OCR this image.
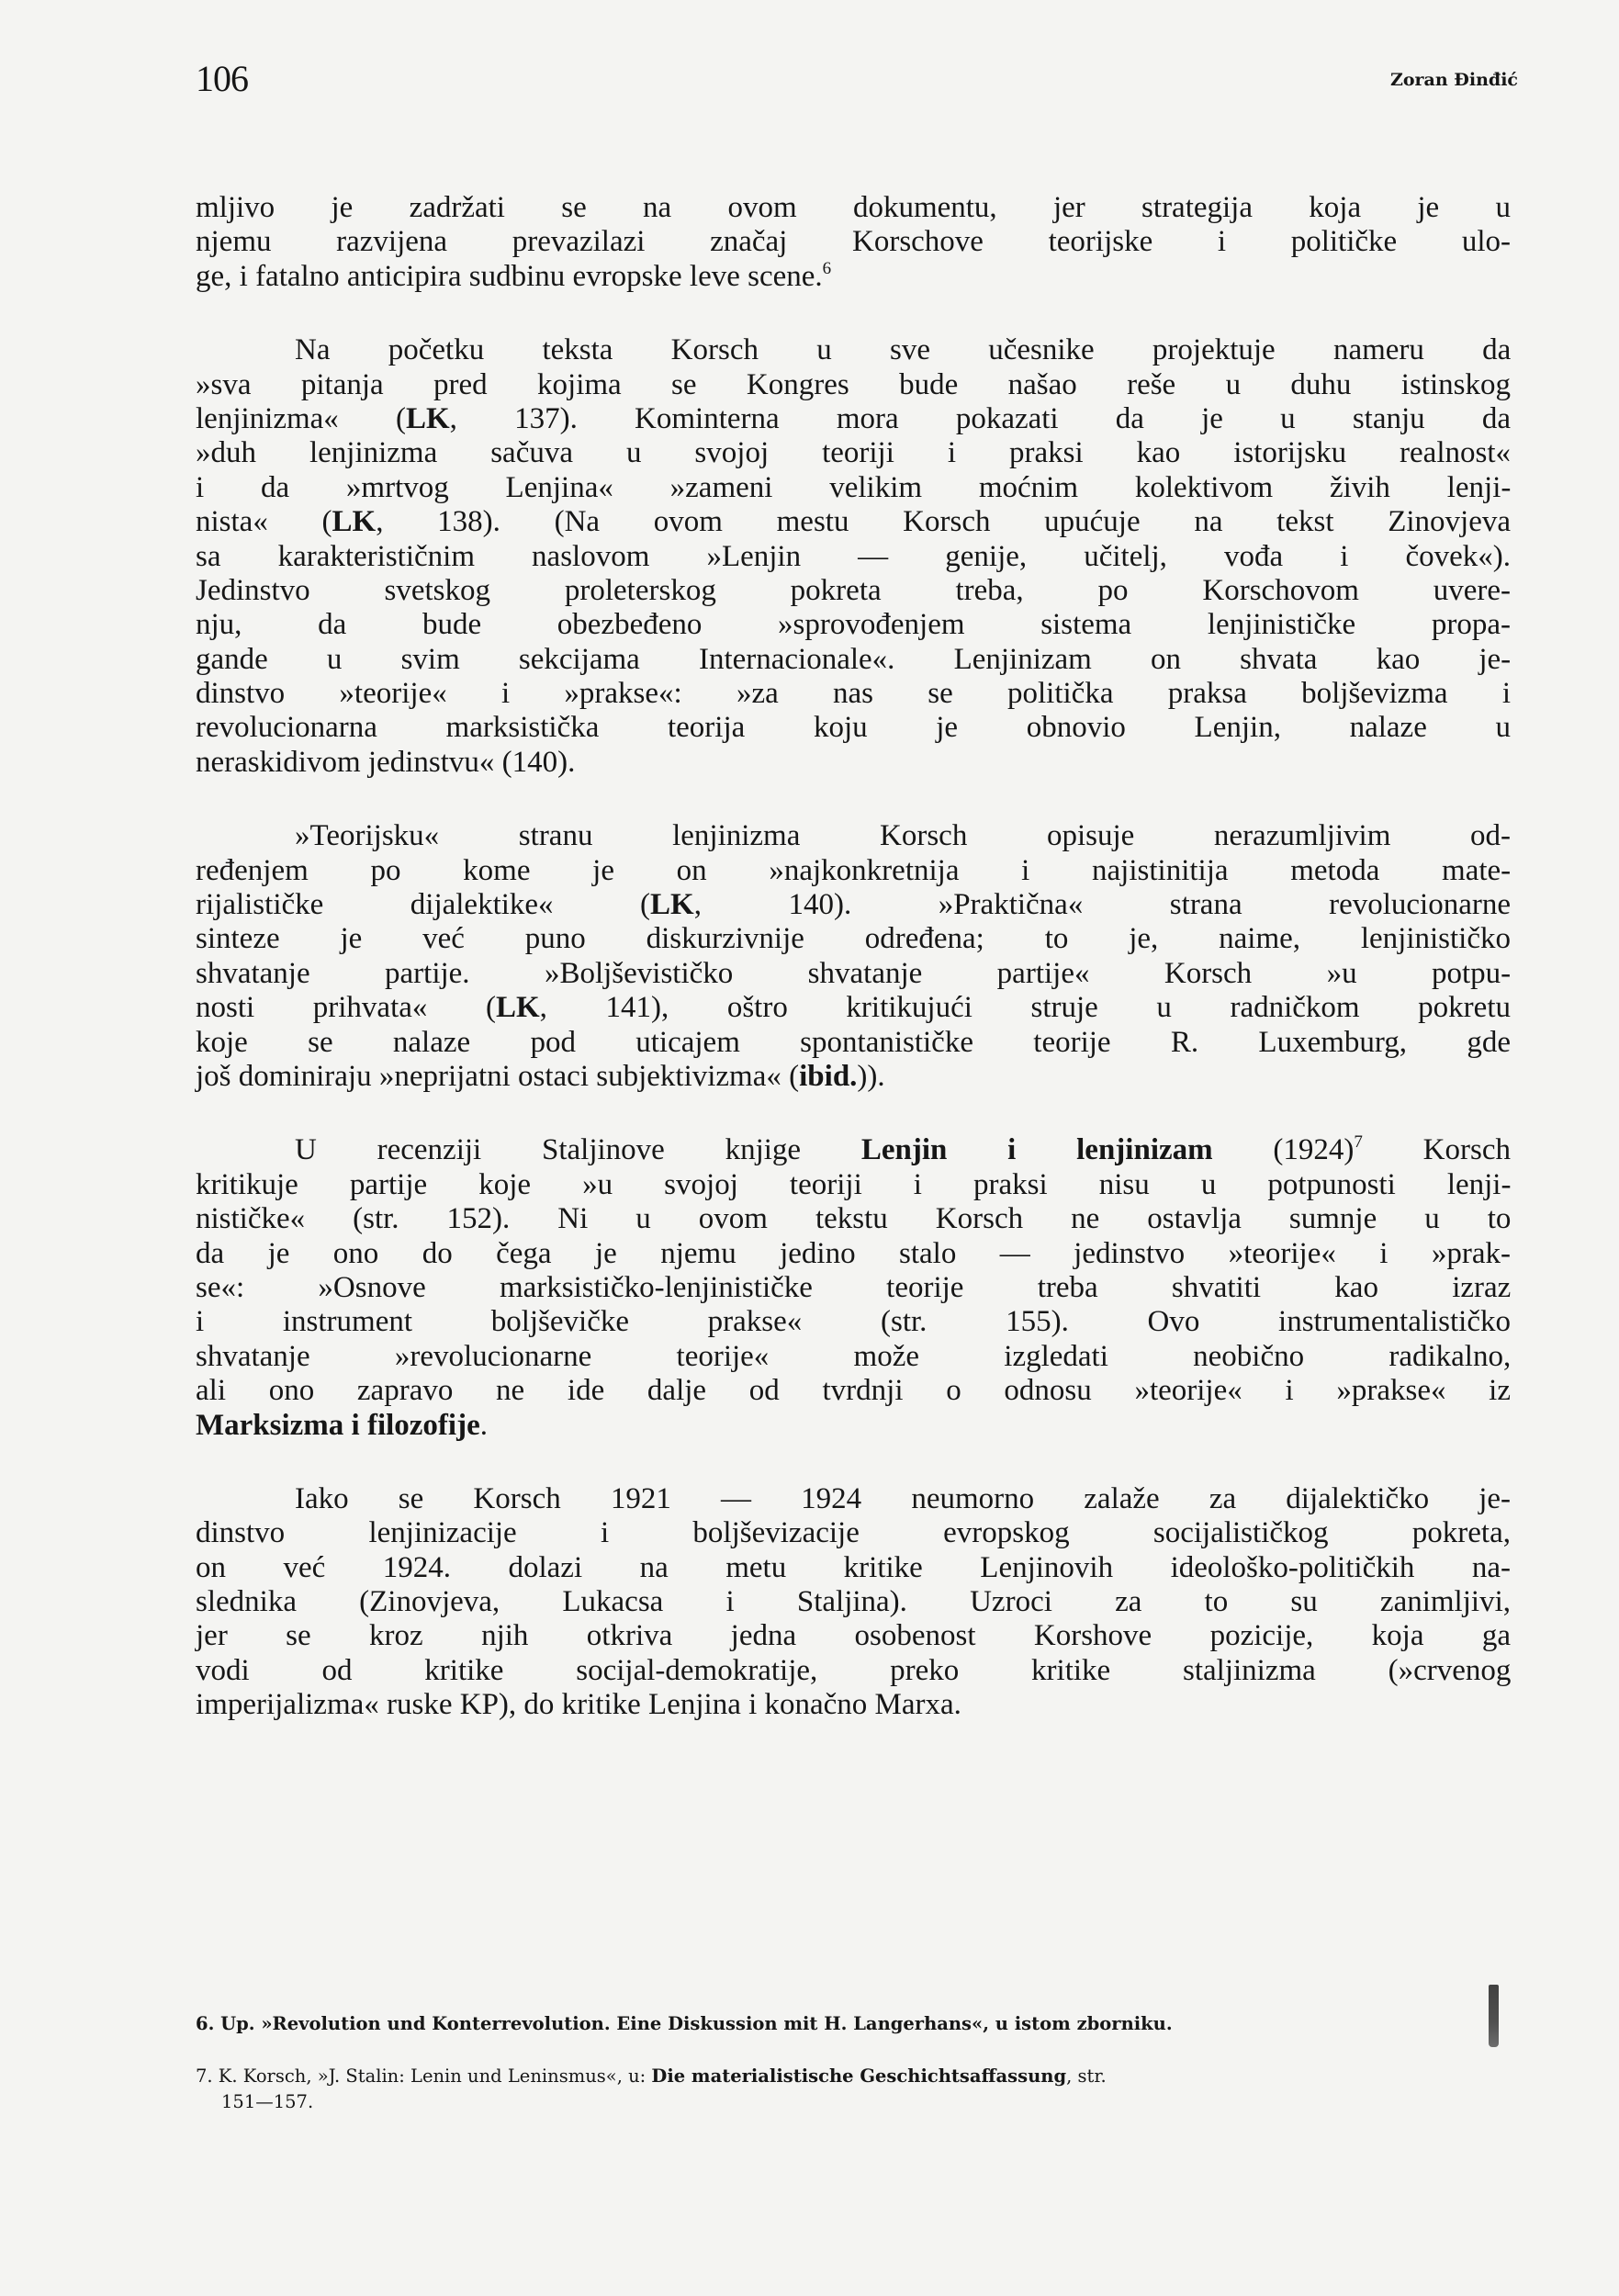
106	Zoran Đinđić
mljivo je zadržati se na ovom dokumentu, jer strategija koja je u
njemu razvijena prevazilazi značaj Korschove teorijske i političke ulo-
ge, i fatalno anticipira sudbinu evropske leve scene.$^6$
Na početku teksta Korsch u sve učesnike projektuje nameru da
»sva pitanja pred kojima se Kongres bude našao reše u duhu istinskog
lenjinizma« (LK, 137). Kominterna mora pokazati da je u stanju da
»duh lenjinizma sačuva u svojoj teoriji i praksi kao istorijsku realnost«
i da »mrtvog Lenjina« »zameni velikim moćnim kolektivom živih lenji-
nista« (LK, 138). (Na ovom mestu Korsch upućuje na tekst Zinovjeva
sa karakterističnim naslovom »Lenjin — genije, učitelj, vođa i čovek«).
Jedinstvo svetskog proleterskog pokreta treba, po Korschovom uvere-
nju, da bude obezbeđeno »sprovođenjem sistema lenjinističke propa-
gande u svim sekcijama Internacionale«. Lenjinizam on shvata kao je-
dinstvo »teorije« i »prakse«: »za nas se politička praksa boljševizma i
revolucionarna marksistička teorija koju je obnovio Lenjin, nalaze u
neraskidivom jedinstvu« (140).
»Teorijsku« stranu lenjinizma Korsch opisuje nerazumljivim od-
ređenjem po kome je on »najkonkretnija i najistinitija metoda mate-
rijalističke dijalektike« (LK, 140). »Praktična« strana revolucionarne
sinteze je već puno diskurzivnije određena; to je, naime, lenjinističko
shvatanje partije. »Boljševističko shvatanje partije« Korsch »u potpu-
nosti prihvata« (LK, 141), oštro kritikujući struje u radničkom pokretu
koje se nalaze pod uticajem spontanističke teorije R. Luxemburg, gde
još dominiraju »neprijatni ostaci subjektivizma« (ibid.)).
U recenziji Staljinove knjige Lenjin i lenjinizam $(1924)^7$ Korsch
kritikuje partije koje »u svojoj teoriji i praksi nisu u potpunosti lenji-
nističke« (str. 152). Ni u ovom tekstu Korsch ne ostavlja sumnje u to
da je ono do čega je njemu jedino stalo — jedinstvo »teorije« i »prak-
se«: »Osnove marksističko-lenjinističke teorije treba shvatiti kao izraz
i instrument boljševičke prakse« (str. 155). Ovo instrumentalističko
shvatanje »revolucionarne teorije« može izgledati neobično radikalno,
ali ono zapravo ne ide dalje od tvrdnji o odnosu »teorije« i »prakse« iz
Marksizma i filozofije.
Iako se Korsch 1921 — 1924 neumorno zalaže za dijalektičko je-
dinstvo lenjinizacije i boljševizacije evropskog socijalističkog pokreta,
on već 1924. dolazi na metu kritike Lenjinovih ideološko-političkih na-
slednika (Zinovjeva, Lukacsa i Staljina). Uzroci za to su zanimljivi,
jer se kroz njih otkriva jedna osobenost Korshove pozicije, koja ga
vodi od kritike socijal-demokratije, preko kritike staljinizma (»crvenog
imperijalizma« ruske KP), do kritike Lenjina i konačno Marxa.
6. Up. »Revolution und Konterrevolution. Eine Diskussion mit H. Langerhans«, u istom zborniku.
7. K. Korsch, »J. Stalin: Lenin und Leninsmus«, u: Die materialistische Geschichtsaffassung, str.
151—157.
